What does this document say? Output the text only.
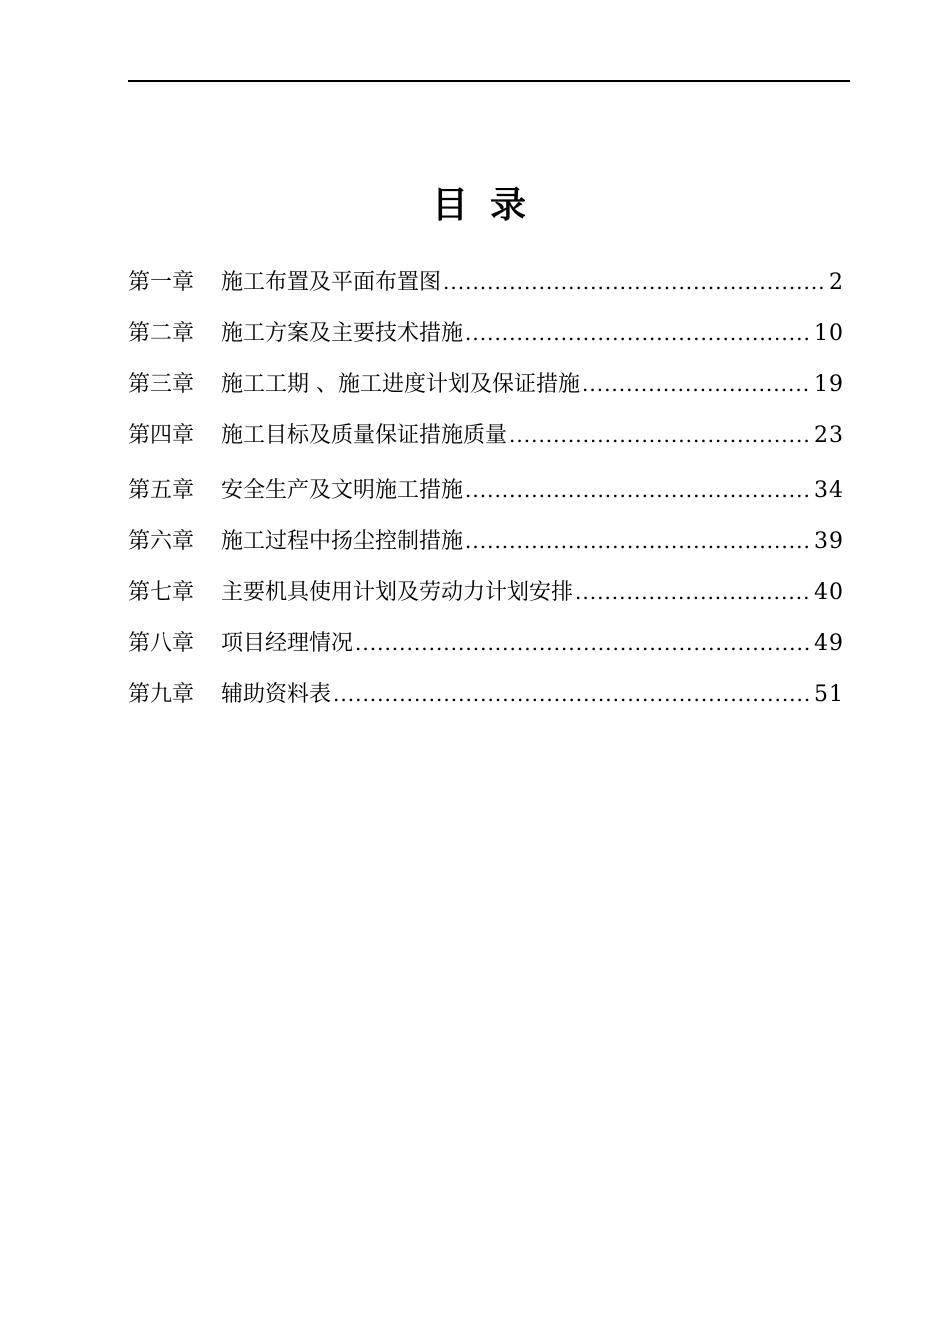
目录
第一章	施工布置及平面布置图 .....	2
第二章	施工方案及主要技术措施 .....	10
第三章	施工工期 、施工进度计划及保证措施 .....	19
第四章	施工目标及质量保证措施质量 .....	23
第五章	安全生产及文明施工措施 .....	34
第六章	施工过程中扬尘控制措施 .....	39
第七章	主要机具使用计划及劳动力计划安排 .....	40
第八章	项目经理情况 .....	49
第九章	辅助资料表 .....	51
